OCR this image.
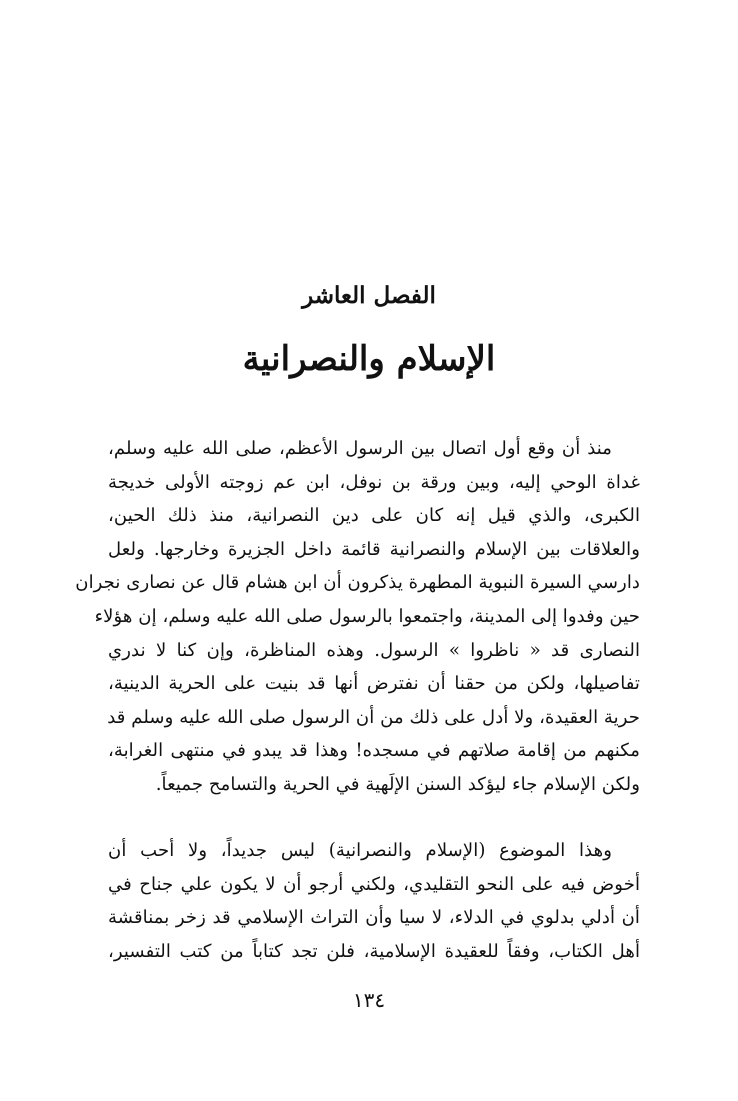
الفصل العاشر
الإسلام والنصرانية
منذ أن وقع أول اتصال بين الرسول الأعظم، صلى الله عليه وسلم،
غداة الوحي إليه، وبين ورقة بن نوفل، ابن عم زوجته الأولى خديجة
الكبرى، والذي قيل إنه كان على دين النصرانية، منذ ذلك الحين،
والعلاقات بين الإسلام والنصرانية قائمة داخل الجزيرة وخارجها. ولعل
دارسي السيرة النبوية المطهرة يذكرون أن ابن هشام قال عن نصارى نجران
حين وفدوا إلى المدينة، واجتمعوا بالرسول صلى الله عليه وسلم، إن هؤلاء
النصارى قد « ناظروا » الرسول. وهذه المناظرة، وإن كنا لا ندري
تفاصيلها، ولكن من حقنا أن نفترض أنها قد بنيت على الحرية الدينية،
حرية العقيدة، ولا أدل على ذلك من أن الرسول صلى الله عليه وسلم قد
مكنهم من إقامة صلاتهم في مسجده! وهذا قد يبدو في منتهى الغرابة،
ولكن الإسلام جاء ليؤكد السنن الإلَهية في الحرية والتسامح جميعاً.
وهذا الموضوع (الإسلام والنصرانية) ليس جديداً، ولا أحب أن
أخوض فيه على النحو التقليدي، ولكني أرجو أن لا يكون علي جناح في
أن أدلي بدلوي في الدلاء، لا سيا وأن التراث الإسلامي قد زخر بمناقشة
أهل الكتاب، وفقاً للعقيدة الإسلامية، فلن تجد كتاباً من كتب التفسير،
١٣٤
